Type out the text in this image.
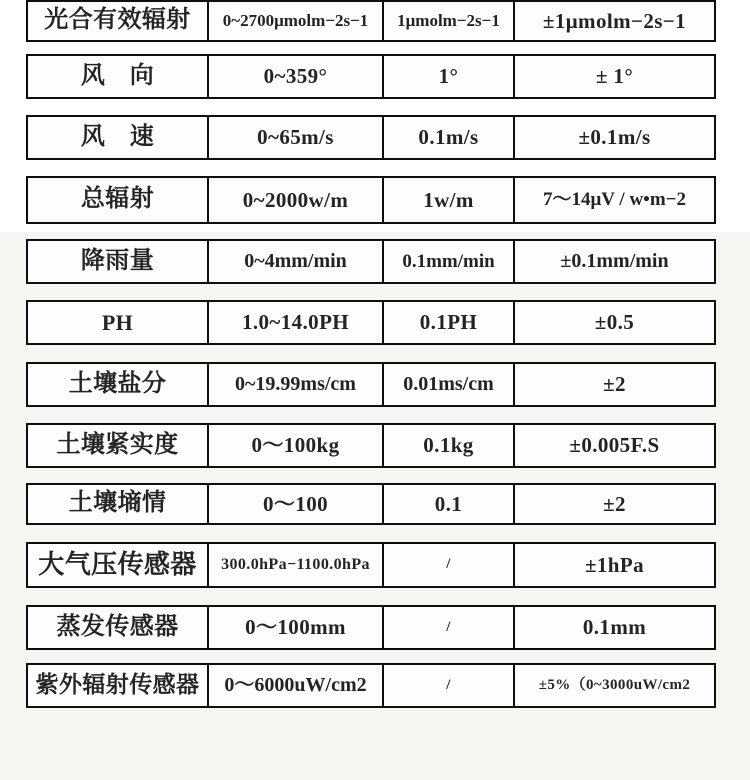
光合有效辐射	0~2700μmolm−2s−1	1μmolm−2s−1	±1μmolm−2s−1
风　向	0~359°	1°	± 1°
风　速	0~65m/s	0.1m/s	±0.1m/s
总辐射	0~2000w/m	1w/m	7～14μV / w•m−2
降雨量	0~4mm/min	0.1mm/min	±0.1mm/min
PH	1.0~14.0PH	0.1PH	±0.5
土壤盐分	0~19.99ms/cm	0.01ms/cm	±2
土壤紧实度	0～100kg	0.1kg	±0.005F.S
土壤墒情	0～100	0.1	±2
大气压传感器	300.0hPa−1100.0hPa	/	±1hPa
蒸发传感器	0～100mm	/	0.1mm
紫外辐射传感器	0～6000uW/cm2	/	±5%（0~3000uW/cm2
